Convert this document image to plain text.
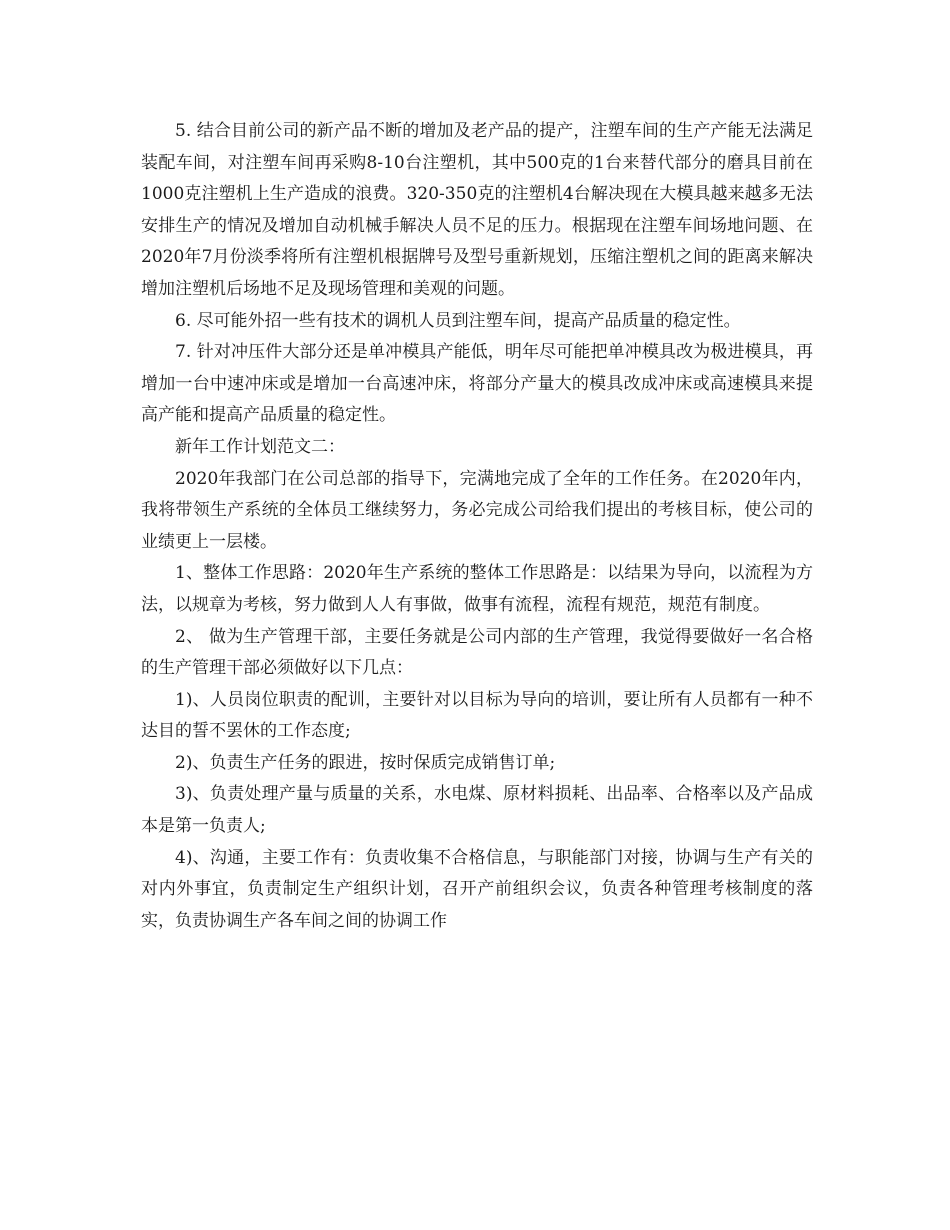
5. 结合目前公司的新产品不断的增加及老产品的提产，注塑车间的生产产能无法满足装配车间，对注塑车间再采购8-10台注塑机，其中500克的1台来替代部分的磨具目前在1000克注塑机上生产造成的浪费。320-350克的注塑机4台解决现在大模具越来越多无法安排生产的情况及增加自动机械手解决人员不足的压力。根据现在注塑车间场地问题、在2020年7月份淡季将所有注塑机根据牌号及型号重新规划，压缩注塑机之间的距离来解决增加注塑机后场地不足及现场管理和美观的问题。

6. 尽可能外招一些有技术的调机人员到注塑车间，提高产品质量的稳定性。

7. 针对冲压件大部分还是单冲模具产能低，明年尽可能把单冲模具改为极进模具，再增加一台中速冲床或是增加一台高速冲床，将部分产量大的模具改成冲床或高速模具来提高产能和提高产品质量的稳定性。

新年工作计划范文二：

2020年我部门在公司总部的指导下，完满地完成了全年的工作任务。在2020年内，我将带领生产系统的全体员工继续努力，务必完成公司给我们提出的考核目标，使公司的业绩更上一层楼。

1、整体工作思路：2020年生产系统的整体工作思路是：以结果为导向，以流程为方法，以规章为考核，努力做到人人有事做，做事有流程，流程有规范，规范有制度。

2、 做为生产管理干部，主要任务就是公司内部的生产管理，我觉得要做好一名合格的生产管理干部必须做好以下几点：

1)、人员岗位职责的配训，主要针对以目标为导向的培训，要让所有人员都有一种不达目的誓不罢休的工作态度;

2)、负责生产任务的跟进，按时保质完成销售订单;

3)、负责处理产量与质量的关系，水电煤、原材料损耗、出品率、合格率以及产品成本是第一负责人;

4)、沟通，主要工作有：负责收集不合格信息，与职能部门对接，协调与生产有关的对内外事宜，负责制定生产组织计划，召开产前组织会议，负责各种管理考核制度的落实，负责协调生产各车间之间的协调工作
